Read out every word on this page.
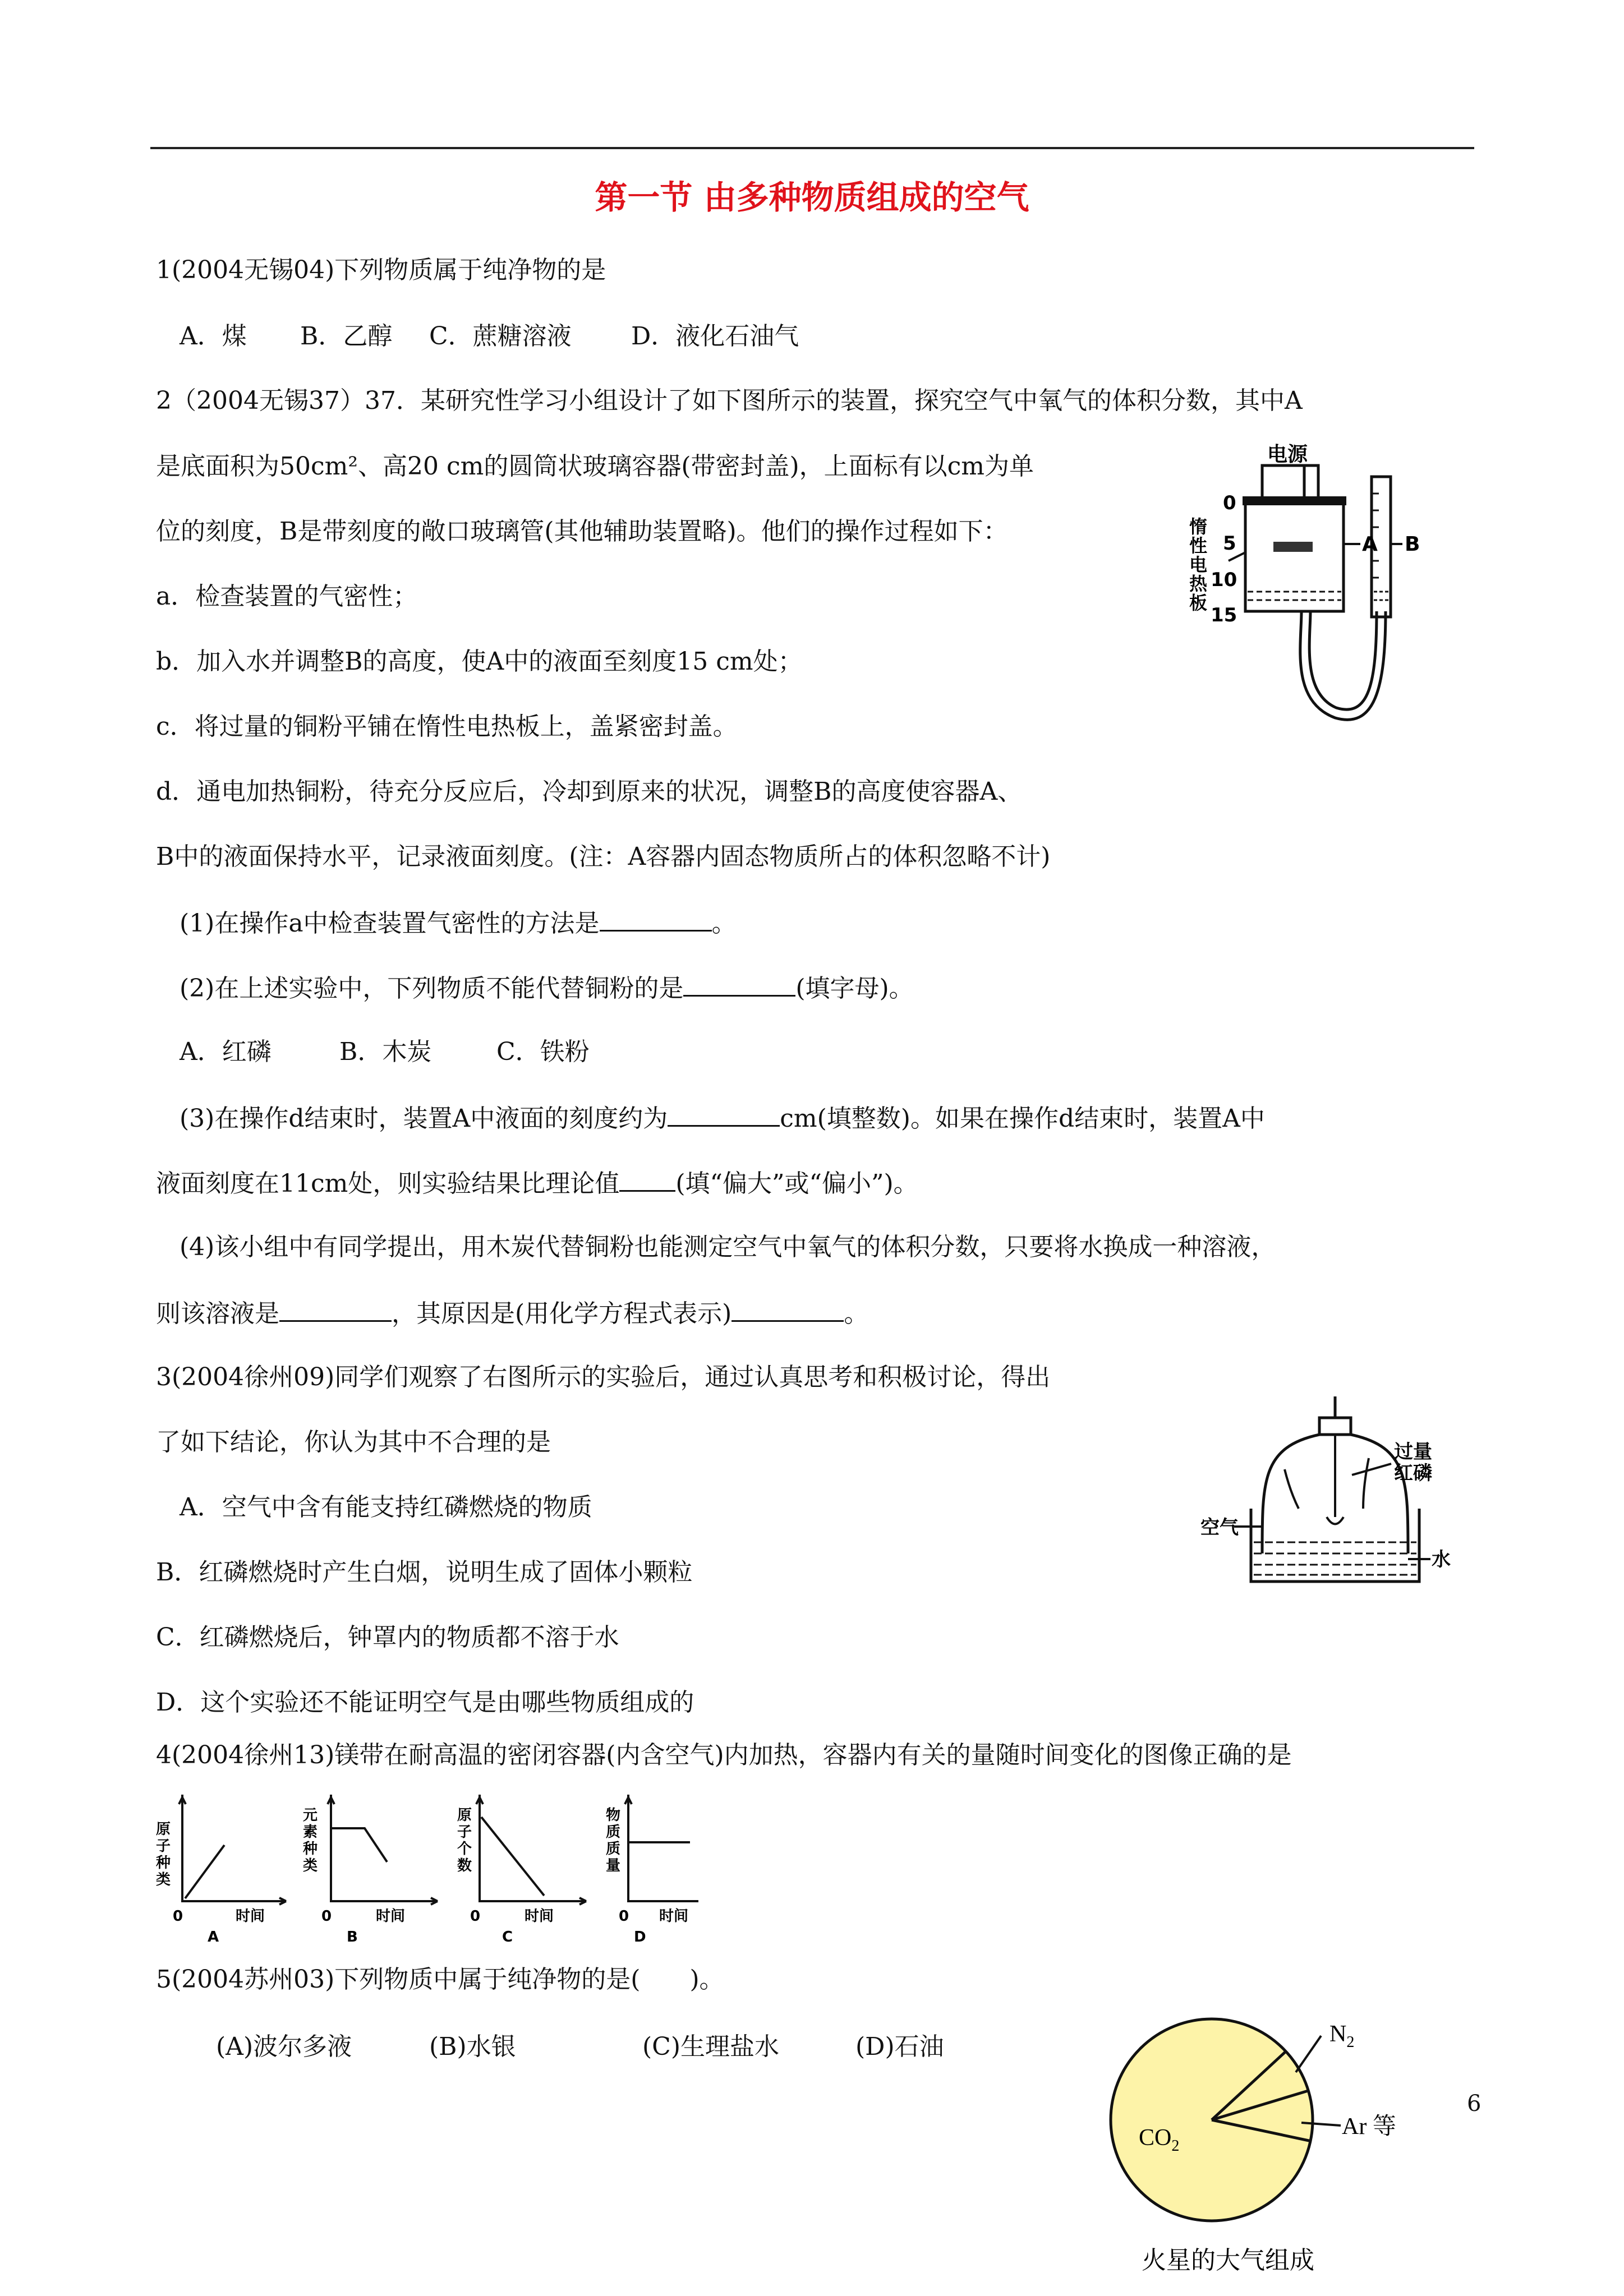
第一节 由多种物质组成的空气
1(2004无锡04)下列物质属于纯净物的是
A．煤 B．乙醇 C．蔗糖溶液 D．液化石油气
2（2004无锡37）37．某研究性学习小组设计了如下图所示的装置，探究空气中氧气的体积分数，其中A
是底面积为50cm²、高20 cm的圆筒状玻璃容器(带密封盖)，上面标有以cm为单
位的刻度，B是带刻度的敞口玻璃管(其他辅助装置略)。他们的操作过程如下：
a．检查装置的气密性；
b．加入水并调整B的高度，使A中的液面至刻度15 cm处；
c．将过量的铜粉平铺在惰性电热板上，盖紧密封盖。
d．通电加热铜粉，待充分反应后，冷却到原来的状况，调整B的高度使容器A、
B中的液面保持水平，记录液面刻度。(注：A容器内固态物质所占的体积忽略不计)
(1)在操作a中检查装置气密性的方法是	。
(2)在上述实验中，下列物质不能代替铜粉的是	(填字母)。
A．红磷	B．木炭	C．铁粉
(3)在操作d结束时，装置A中液面的刻度约为	cm(填整数)。如果在操作d结束时，装置A中
液面刻度在11cm处，则实验结果比理论值 (填“偏大”或“偏小”)。
(4)该小组中有同学提出，用木炭代替铜粉也能测定空气中氧气的体积分数，只要将水换成一种溶液，
则该溶液是	，其原因是(用化学方程式表示)	。
电源
0
5
10
15
惰
性
电
热
板
A B
3(2004徐州09)同学们观察了右图所示的实验后，通过认真思考和积极讨论，得出
了如下结论，你认为其中不合理的是
A．空气中含有能支持红磷燃烧的物质
B．红磷燃烧时产生白烟，说明生成了固体小颗粒
C．红磷燃烧后，钟罩内的物质都不溶于水
D．这个实验还不能证明空气是由哪些物质组成的
过量
红磷
空气
水
4(2004徐州13)镁带在耐高温的密闭容器(内含空气)内加热，容器内有关的量随时间变化的图像正确的是
原
子
种
类
0	时间
A
元
素
种
类
0	时间
B
原
子
个
数
0	时间
C
物
质
质
量
0 时间
D
5(2004苏州03)下列物质中属于纯净物的是(　　)。
(A)波尔多液	(B)水银	(C)生理盐水	(D)石油
$CO_2$
$N_2$
Ar 等
火星的大气组成
6
